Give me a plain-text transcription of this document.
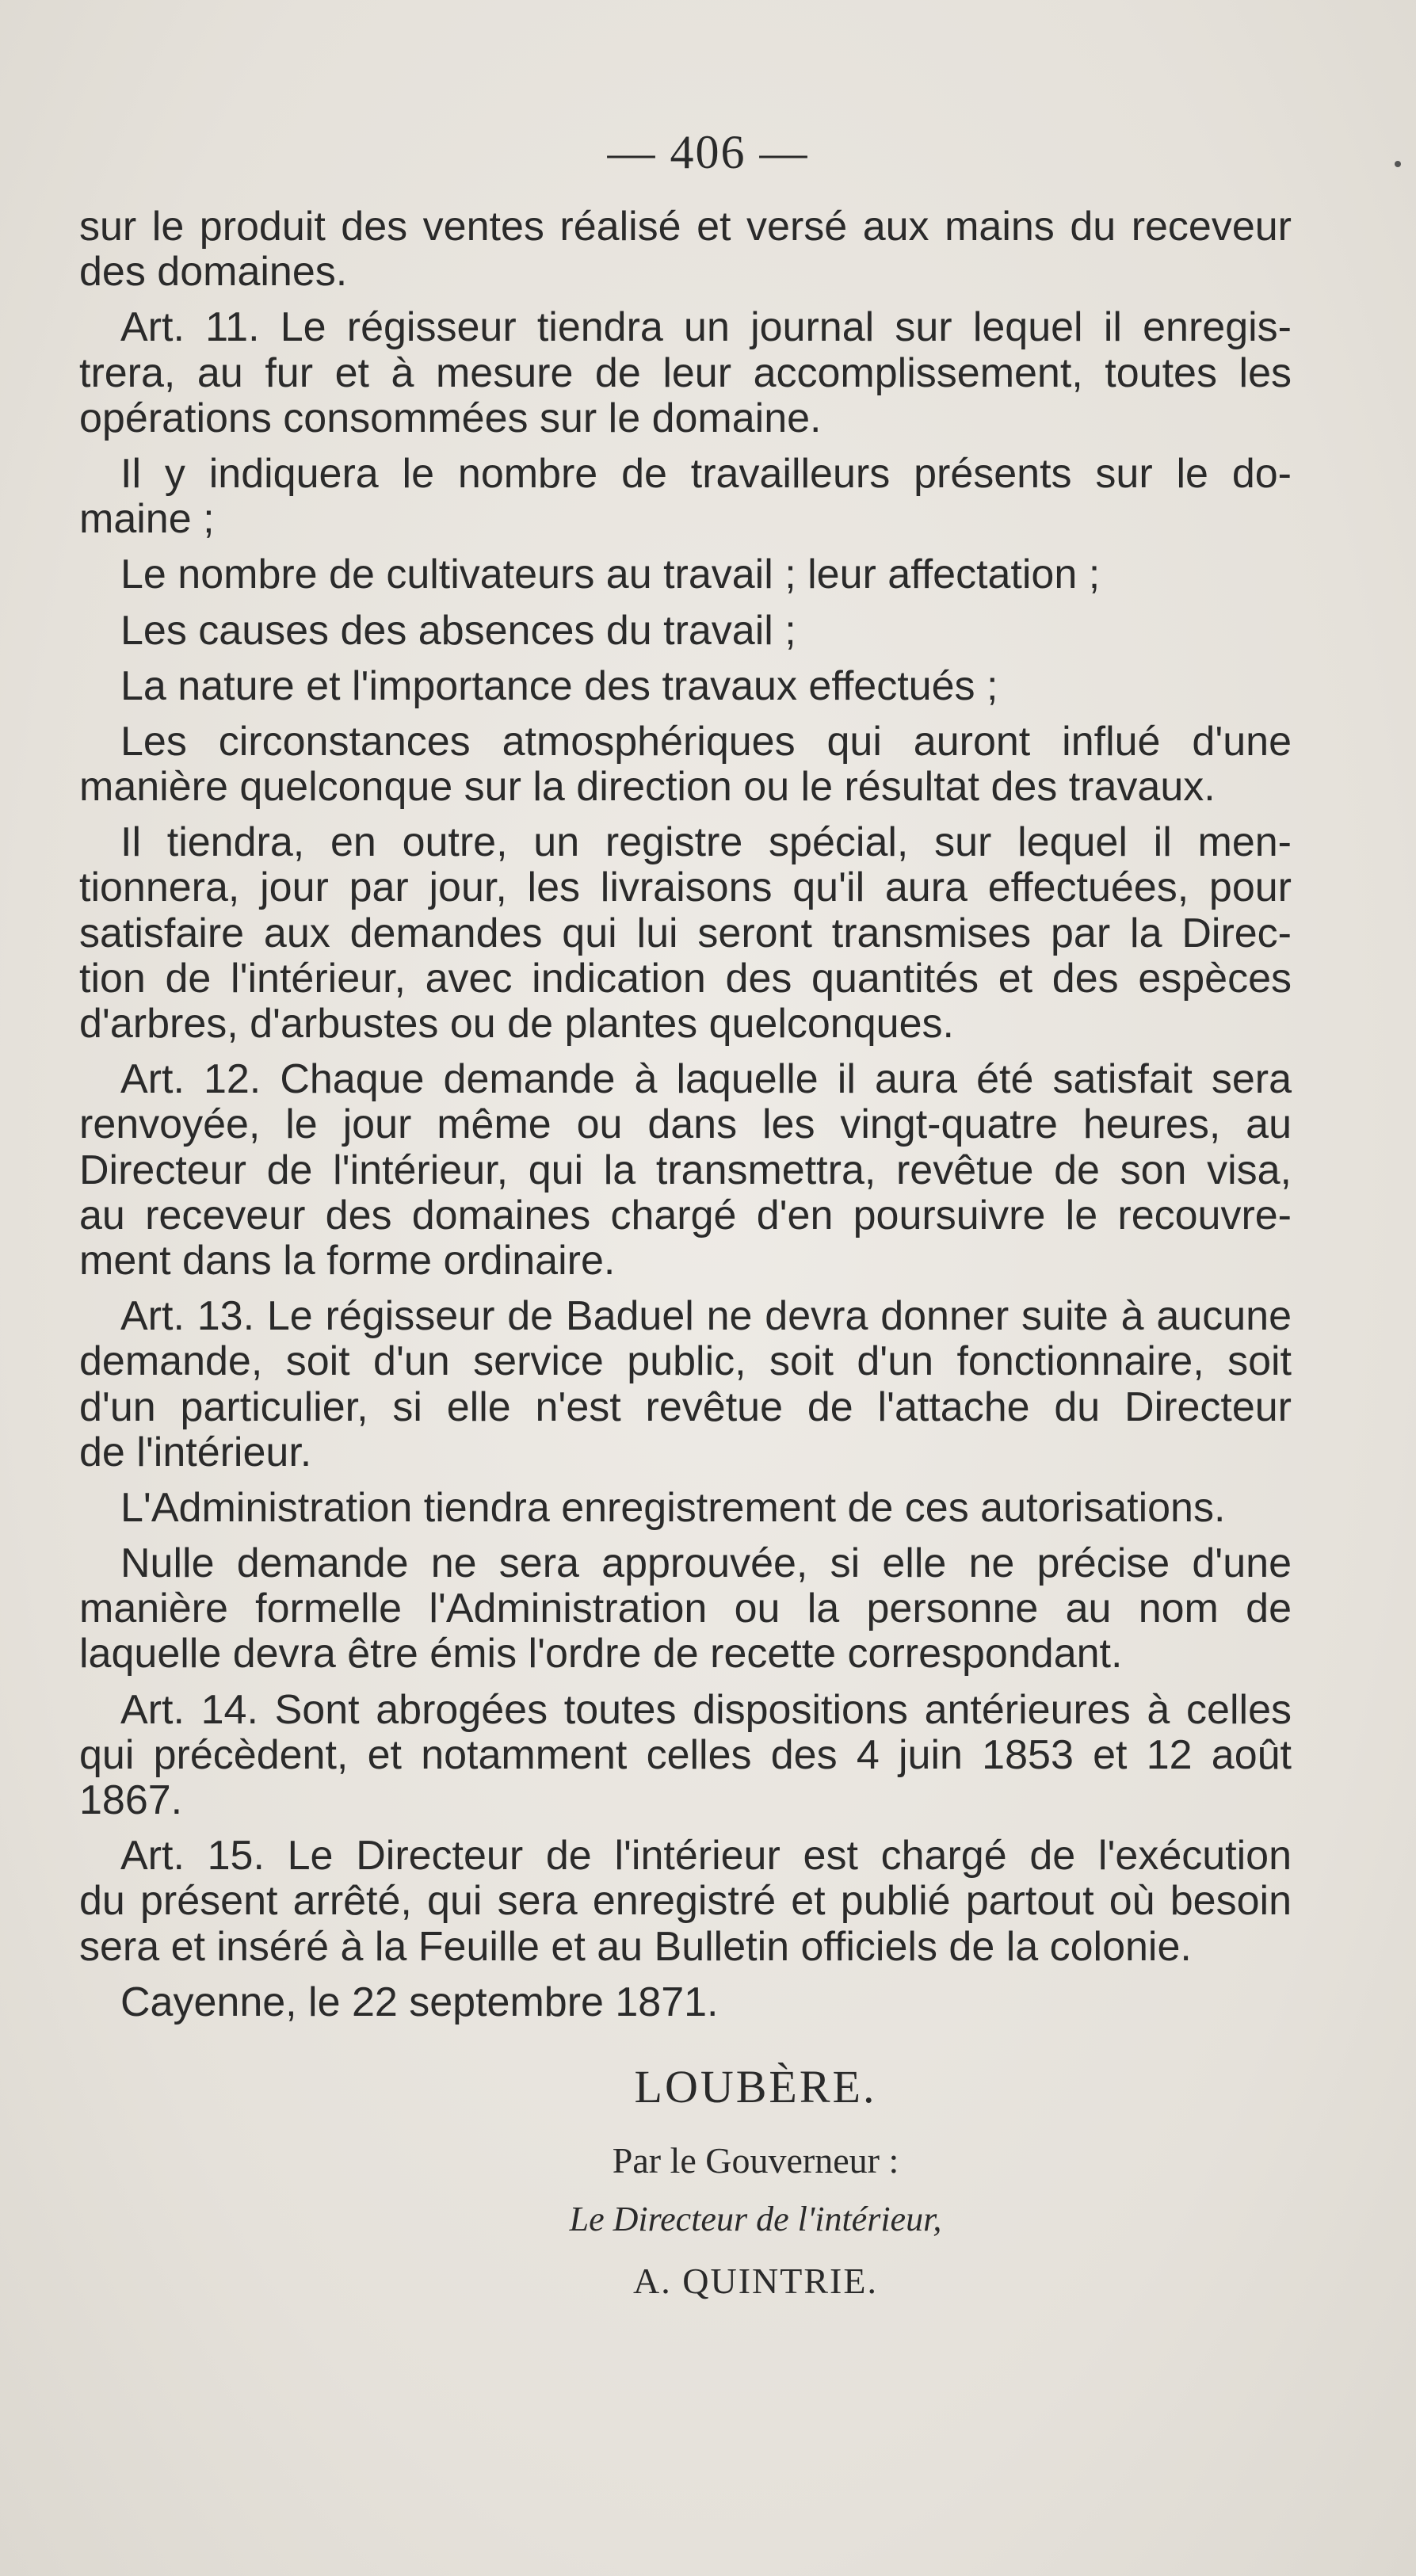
— 406 —

sur le produit des ventes réalisé et versé aux mains du receveur
des domaines.

Art. 11. Le régisseur tiendra un journal sur lequel il enregis-
trera, au fur et à mesure de leur accomplissement, toutes les
opérations consommées sur le domaine.

Il y indiquera le nombre de travailleurs présents sur le do-
maine ;

Le nombre de cultivateurs au travail ; leur affectation ;

Les causes des absences du travail ;

La nature et l'importance des travaux effectués ;

Les circonstances atmosphériques qui auront influé d'une
manière quelconque sur la direction ou le résultat des travaux.

Il tiendra, en outre, un registre spécial, sur lequel il men-
tionnera, jour par jour, les livraisons qu'il aura effectuées, pour
satisfaire aux demandes qui lui seront transmises par la Direc-
tion de l'intérieur, avec indication des quantités et des espèces
d'arbres, d'arbustes ou de plantes quelconques.

Art. 12. Chaque demande à laquelle il aura été satisfait sera
renvoyée, le jour même ou dans les vingt-quatre heures, au
Directeur de l'intérieur, qui la transmettra, revêtue de son visa,
au receveur des domaines chargé d'en poursuivre le recouvre-
ment dans la forme ordinaire.

Art. 13. Le régisseur de Baduel ne devra donner suite à aucune
demande, soit d'un service public, soit d'un fonctionnaire, soit
d'un particulier, si elle n'est revêtue de l'attache du Directeur
de l'intérieur.

L'Administration tiendra enregistrement de ces autorisations.

Nulle demande ne sera approuvée, si elle ne précise d'une
manière formelle l'Administration ou la personne au nom de
laquelle devra être émis l'ordre de recette correspondant.

Art. 14. Sont abrogées toutes dispositions antérieures à celles
qui précèdent, et notamment celles des 4 juin 1853 et 12 août
1867.

Art. 15. Le Directeur de l'intérieur est chargé de l'exécution
du présent arrêté, qui sera enregistré et publié partout où besoin
sera et inséré à la Feuille et au Bulletin officiels de la colonie.

Cayenne, le 22 septembre 1871.

LOUBÈRE.
Par le Gouverneur :
Le Directeur de l'intérieur,
A. QUINTRIE.
